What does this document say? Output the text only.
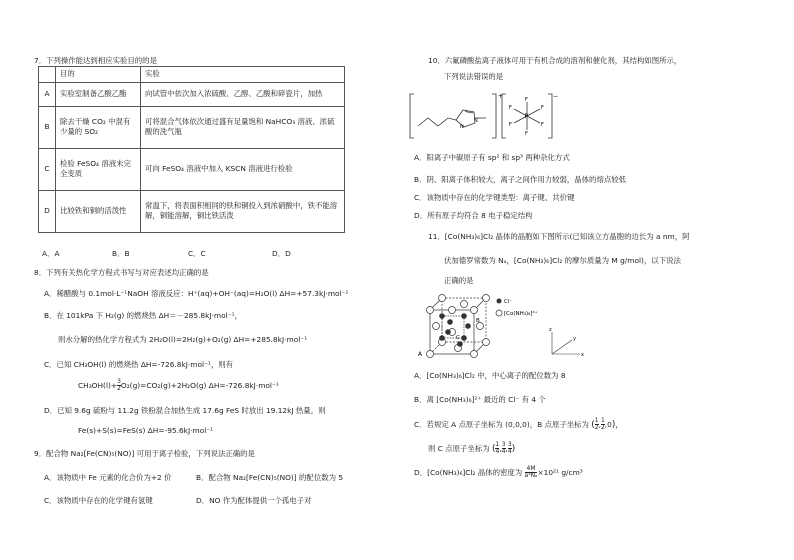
7．下列操作能达到相应实验目的的是
	目的	实验
A	实验室制备乙酸乙酯	向试管中依次加入浓硫酸、乙醇、乙酸和碎瓷片，加热
B	除去干燥 CO₂ 中混有少量的 SO₂	可将混合气体依次通过盛有足量饱和 NaHCO₃ 溶液、浓硫酸的洗气瓶
C	检验 FeSO₄ 溶液未完全变质	可向 FeSO₄ 溶液中加入 KSCN 溶液进行检验
D	比较铁和铜的活泼性	常温下，将表面积相同的铁和铜投入到浓硝酸中，铁不能溶解，铜能溶解，铜比铁活泼
A．A	B．B	C．C	D．D
8．下列有关热化学方程式书写与对应表述均正确的是
A．稀醋酸与 0.1mol·L⁻¹NaOH 溶液反应：H⁺(aq)+OH⁻(aq)=H₂O(l) ΔH=+57.3kJ·mol⁻¹
B．在 101kPa 下 H₂(g) 的燃烧热 ΔH＝－285.8kJ·mol⁻¹，
则水分解的热化学方程式为 2H₂O(l)=2H₂(g)+O₂(g) ΔH=+285.8kJ·mol⁻¹
C．已知 CH₃OH(l) 的燃烧热 ΔH=-726.8kJ·mol⁻¹，则有
$CH_3OH(l)+ \frac{3}{2} O_2(g)=CO_2(g)+2H_2O(g)$ ΔH=-726.8kJ·mol⁻¹
D．已知 9.6g 硫粉与 11.2g 铁粉混合加热生成 17.6g FeS 时放出 19.12kJ 热量，则
Fe(s)+S(s)=FeS(s) ΔH=-95.6kJ·mol⁻¹
9．配合物 Na₂[Fe(CN)₅(NO)] 可用于离子检验，下列说法正确的是
A．该物质中 Fe 元素的化合价为+2 价	B．配合物 Na₂[Fe(CN)₅(NO)] 的配位数为 5
C．该物质中存在的化学键有氢键	D．NO 作为配体提供一个孤电子对
10．六氟磷酸盐离子液体可用于有机合成的溶剂和催化剂，其结构如图所示，
下列说法错误的是
N
N
+	−
P
F
F
F	F
F	F
A．阳离子中碳原子有 sp² 和 sp³ 两种杂化方式
B．阴、阳离子体积较大，离子之间作用力较弱，晶体的熔点较低
C．该物质中存在的化学键类型：离子键、共价键
D．所有原子均符合 8 电子稳定结构
11．[Co(NH₃)₆]Cl₂ 晶体的晶胞如下图所示(已知该立方晶胞的边长为 a nm，阿
伏加德罗常数为 Nₐ，[Co(NH₃)₆]Cl₂ 的摩尔质量为 M g/mol)，以下说法
正确的是
A
B
C
Cl⁻
[Co(NH₃)₆]²⁺
z
x
y
A．[Co(NH₃)₆]Cl₂ 中，中心离子的配位数为 8
B．离 [Co(NH₃)₆]²⁺ 最近的 Cl⁻ 有 4 个
C．若规定 A 点原子坐标为 (0,0,0)，B 点原子坐标为 ( $\frac{1}{2}$ , $\frac{1}{2} ,0$)，
则 C 点原子坐标为 ( $\frac{1}{4}$ , $\frac{3}{4}$ , $\frac{3}{4}$ )
D．[Co(NH₃)₆]Cl₂ 晶体的密度为 $\frac{4M}{\text{a³Nₐ}} \times 10^{21}$ g/cm³
